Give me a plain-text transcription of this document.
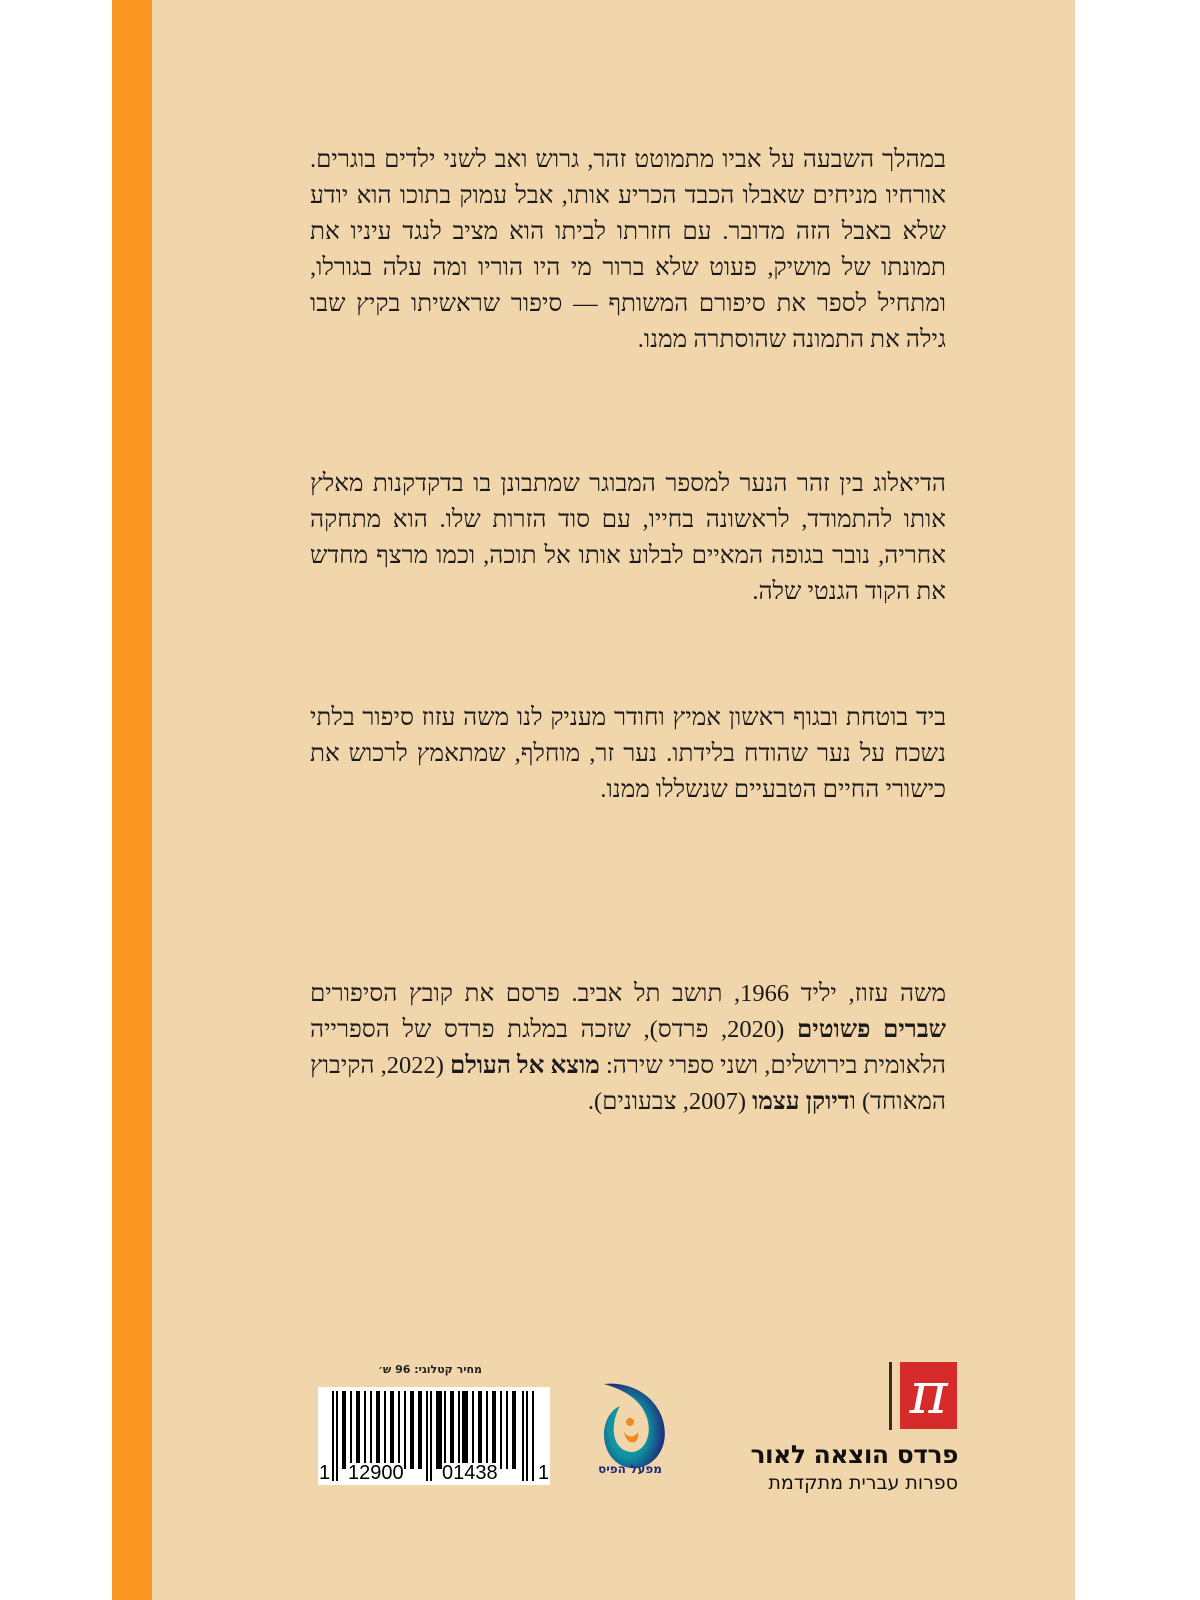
במהלך השבעה על אביו מתמוטט זהר, גרוש ואב לשני ילדים בוגרים. אורחיו מניחים שאבלו הכבד הכריע אותו, אבל עמוק בתוכו הוא יודע שלא באבל הזה מדובר. עם חזרתו לביתו הוא מציב לנגד עיניו את תמונתו של מושיק, פעוט שלא ברור מי היו הוריו ומה עלה בגורלו, ומתחיל לספר את סיפורם המשותף — סיפור שראשיתו בקיץ שבו גילה את התמונה שהוסתרה ממנו.

הדיאלוג בין זהר הנער למספר המבוגר שמתבונן בו בדקדקנות מאלץ אותו להתמודד, לראשונה בחייו, עם סוד הזרות שלו. הוא מתחקה אחריה, נובר בגופה המאיים לבלוע אותו אל תוכה, וכמו מרצף מחדש את הקוד הגנטי שלה.

ביד בוטחת ובגוף ראשון אמיץ וחודר מעניק לנו משה עזוז סיפור בלתי נשכח על נער שהודח בלידתו. נער זר, מוחלף, שמתאמץ לרכוש את כישורי החיים הטבעיים שנשללו ממנו.

משה עזוז, יליד 1966, תושב תל אביב. פרסם את קובץ הסיפורים שברים פשוטים (2020, פרדס), שזכה במלגת פרדס של הספרייה הלאומית בירושלים, ושני ספרי שירה: מוצא אל העולם (2022, הקיבוץ המאוחד) ודיוקן עצמו (2007, צבעונים).

מחיר קטלוגי: 96 ש׳
1 12900 01438 1	מפעל הפיס
π
פרדס הוצאה לאור
ספרות עברית מתקדמת
